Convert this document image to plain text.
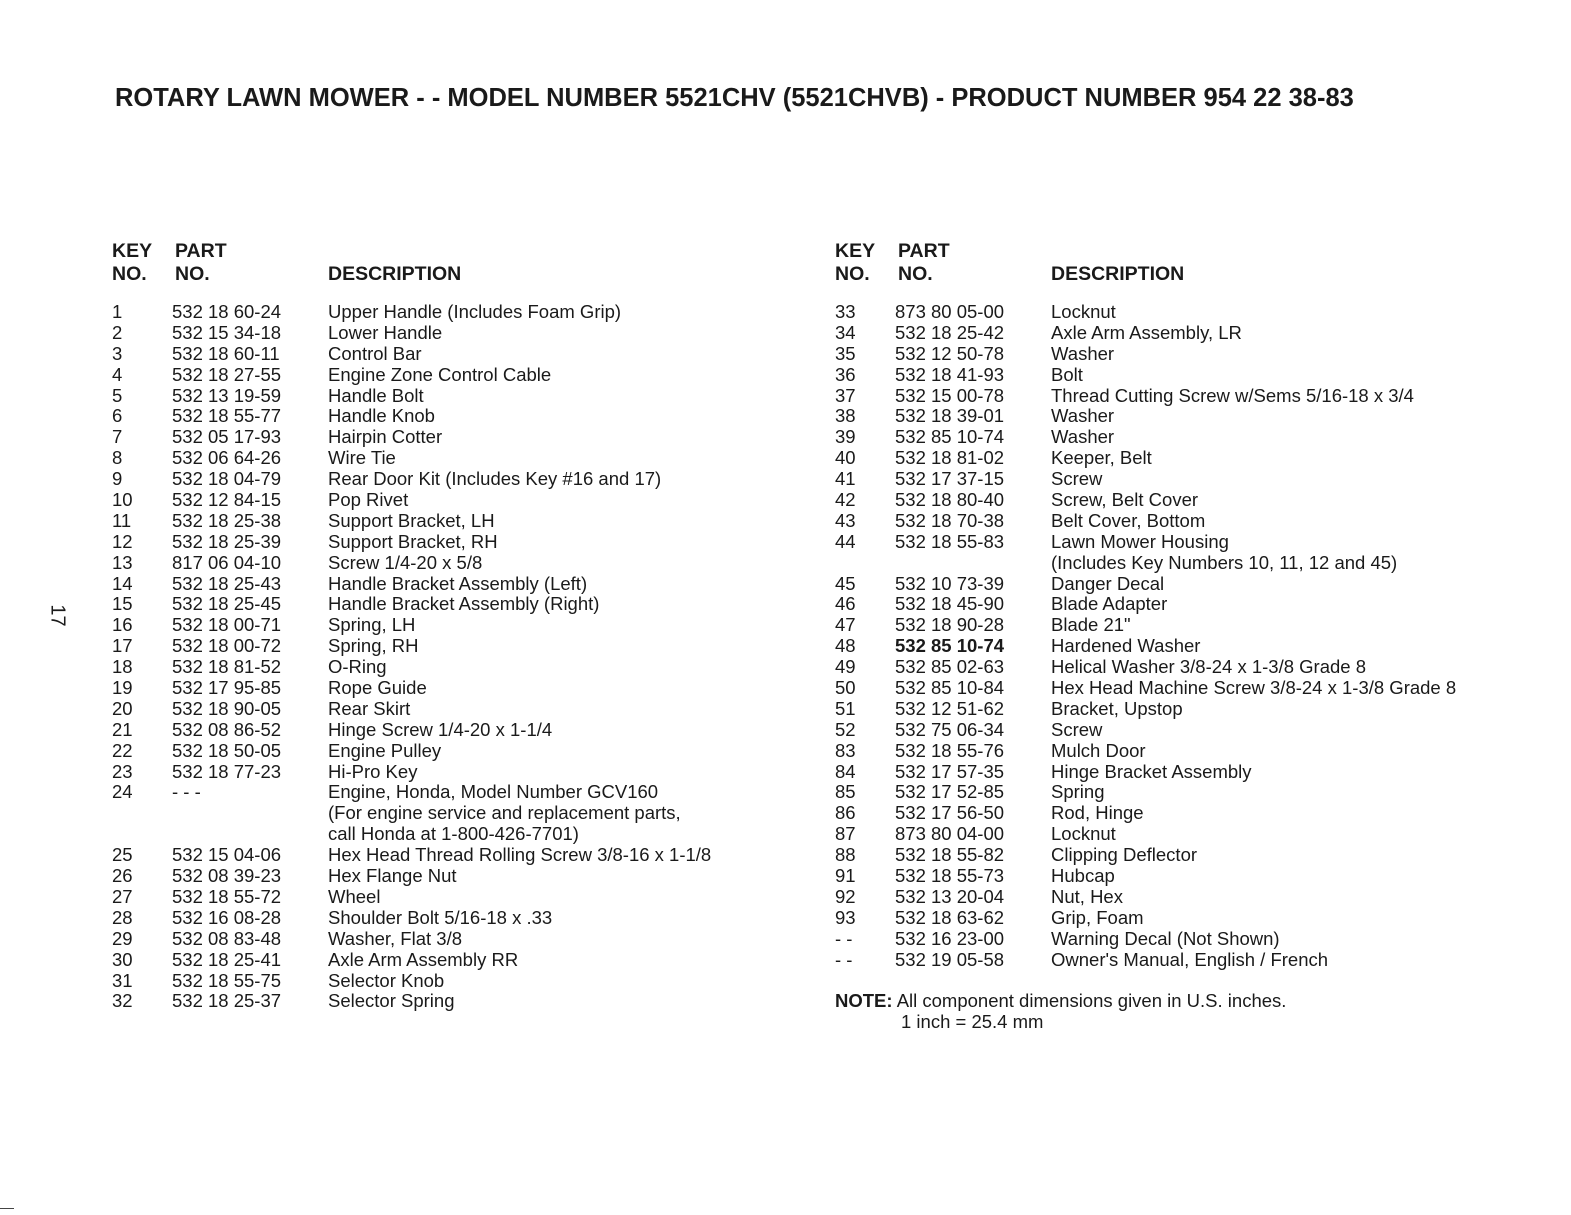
ROTARY LAWN MOWER - - MODEL NUMBER 5521CHV (5521CHVB) - PRODUCT NUMBER 954 22 38-83
17
KEY
NO.
PART
NO.	DESCRIPTION
1	532 18 60-24	Upper Handle (Includes Foam Grip)
2	532 15 34-18	Lower Handle
3	532 18 60-11	Control Bar
4	532 18 27-55	Engine Zone Control Cable
5	532 13 19-59	Handle Bolt
6	532 18 55-77	Handle Knob
7	532 05 17-93	Hairpin Cotter
8	532 06 64-26	Wire Tie
9	532 18 04-79	Rear Door Kit (Includes Key #16 and 17)
10 532 12 84-15	Pop Rivet
11 532 18 25-38	Support Bracket, LH
12 532 18 25-39	Support Bracket, RH
13 817 06 04-10	Screw 1/4-20 x 5/8
14 532 18 25-43	Handle Bracket Assembly (Left)
15 532 18 25-45	Handle Bracket Assembly (Right)
16 532 18 00-71	Spring, LH
17 532 18 00-72	Spring, RH
18 532 18 81-52	O-Ring
19 532 17 95-85	Rope Guide
20 532 18 90-05	Rear Skirt
21 532 08 86-52	Hinge Screw 1/4-20 x 1-1/4
22 532 18 50-05	Engine Pulley
23 532 18 77-23	Hi-Pro Key
24 - - -	Engine, Honda, Model Number GCV160
(For engine service and replacement parts,
call Honda at 1-800-426-7701)
25 532 15 04-06	Hex Head Thread Rolling Screw 3/8-16 x 1-1/8
26 532 08 39-23	Hex Flange Nut
27 532 18 55-72	Wheel
28 532 16 08-28	Shoulder Bolt 5/16-18 x .33
29 532 08 83-48	Washer, Flat 3/8
30 532 18 25-41	Axle Arm Assembly RR
31 532 18 55-75	Selector Knob
32 532 18 25-37	Selector Spring
KEY
NO.
PART
NO.	DESCRIPTION
33 873 80 05-00	Locknut
34 532 18 25-42	Axle Arm Assembly, LR
35 532 12 50-78	Washer
36 532 18 41-93	Bolt
37 532 15 00-78	Thread Cutting Screw w/Sems 5/16-18 x 3/4
38 532 18 39-01	Washer
39 532 85 10-74	Washer
40 532 18 81-02	Keeper, Belt
41 532 17 37-15	Screw
42 532 18 80-40	Screw, Belt Cover
43 532 18 70-38	Belt Cover, Bottom
44 532 18 55-83	Lawn Mower Housing
(Includes Key Numbers 10, 11, 12 and 45)
45 532 10 73-39	Danger Decal
46 532 18 45-90	Blade Adapter
47 532 18 90-28	Blade 21"
48 532 85 10-74	Hardened Washer
49 532 85 02-63	Helical Washer 3/8-24 x 1-3/8 Grade 8
50 532 85 10-84	Hex Head Machine Screw 3/8-24 x 1-3/8 Grade 8
51 532 12 51-62	Bracket, Upstop
52 532 75 06-34	Screw
83 532 18 55-76	Mulch Door
84 532 17 57-35	Hinge Bracket Assembly
85 532 17 52-85	Spring
86 532 17 56-50	Rod, Hinge
87 873 80 04-00	Locknut
88 532 18 55-82	Clipping Deflector
91 532 18 55-73	Hubcap
92 532 13 20-04	Nut, Hex
93 532 18 63-62	Grip, Foam
- - 532 16 23-00	Warning Decal (Not Shown)
- - 532 19 05-58	Owner's Manual, English / French
NOTE: All component dimensions given in U.S. inches.
1 inch = 25.4 mm
